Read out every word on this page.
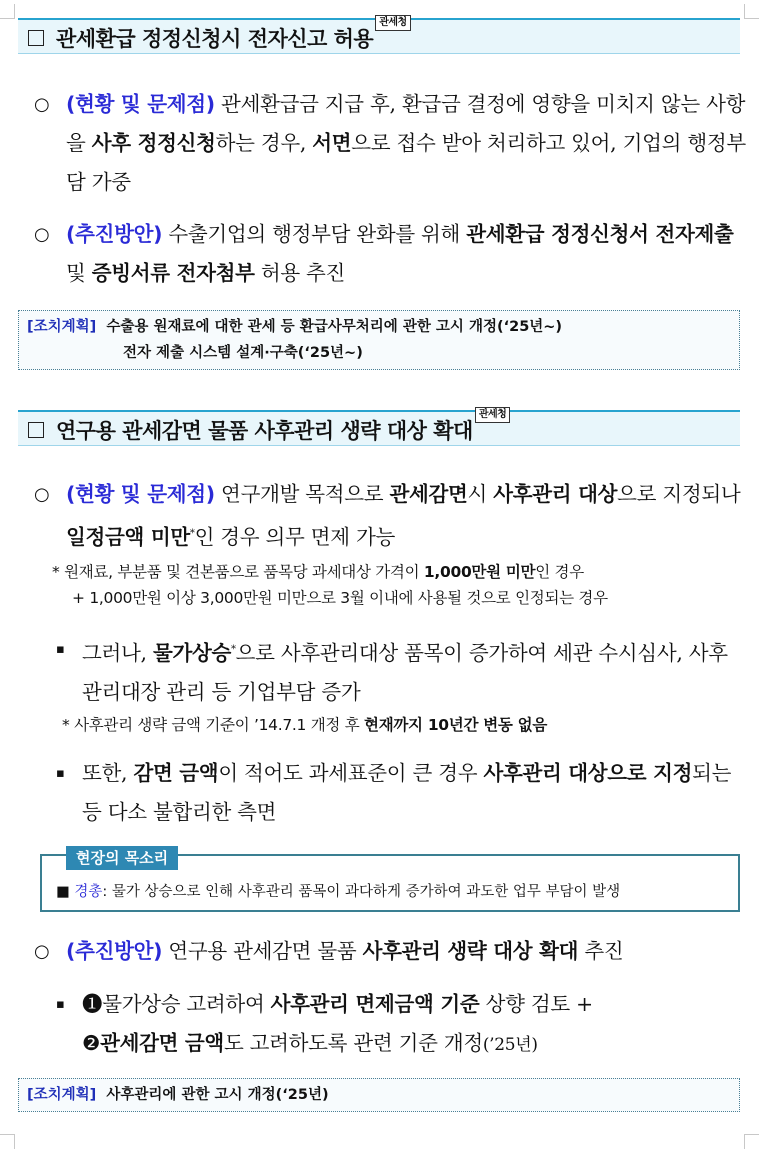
관세환급 정정신청시 전자신고 허용관세청
○ (현황 및 문제점) 관세환급금 지급 후, 환급금 결정에 영향을 미치지 않는 사항을 사후 정정신청하는 경우, 서면으로 접수 받아 처리하고 있어, 기업의 행정부담 가중
○ (추진방안) 수출기업의 행정부담 완화를 위해 관세환급 정정신청서 전자제출 및 증빙서류 전자첨부 허용 추진
[조치계획] 수출용 원재료에 대한 관세 등 환급사무처리에 관한 고시 개정(‘25년~)
전자 제출 시스템 설계·구축(‘25년~)
연구용 관세감면 물품 사후관리 생략 대상 확대관세청
○ (현황 및 문제점) 연구개발 목적으로 관세감면시 사후관리 대상으로 지정되나 일정금액 미만*인 경우 의무 면제 가능
* 원재료, 부분품 및 견본품으로 품목당 과세대상 가격이 1,000만원 미만인 경우
+ 1,000만원 이상 3,000만원 미만으로 3월 이내에 사용될 것으로 인정되는 경우
▪ 그러나, 물가상승*으로 사후관리대상 품목이 증가하여 세관 수시심사, 사후관리대장 관리 등 기업부담 증가
* 사후관리 생략 금액 기준이 ’14.7.1 개정 후 현재까지 10년간 변동 없음
▪ 또한, 감면 금액이 적어도 과세표준이 큰 경우 사후관리 대상으로 지정되는 등 다소 불합리한 측면
현장의 목소리
■ 경총: 물가 상승으로 인해 사후관리 품목이 과다하게 증가하여 과도한 업무 부담이 발생
○ (추진방안) 연구용 관세감면 물품 사후관리 생략 대상 확대 추진
▪ ❶물가상승 고려하여 사후관리 면제금액 기준 상향 검토 +
❷관세감면 금액도 고려하도록 관련 기준 개정(’25년)
[조치계획] 사후관리에 관한 고시 개정(‘25년)
